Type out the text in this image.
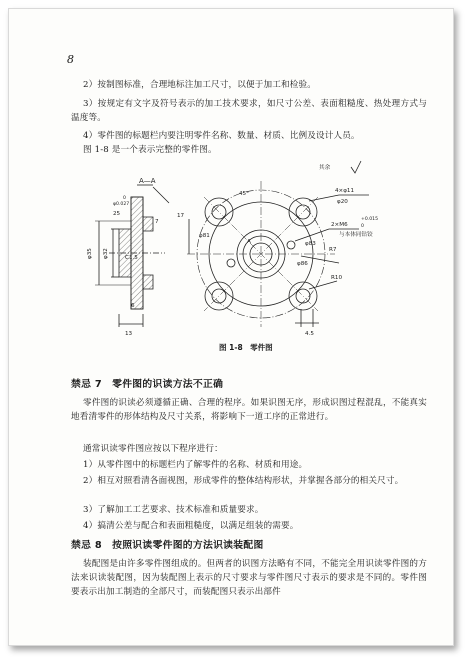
8

2）按制图标准，合理地标注加工尺寸，以便于加工和检验。

3）按规定有文字及符号表示的加工技术要求，如尺寸公差、表面粗糙度、热处理方式与温度等。

4）零件图的标题栏内要注明零件名称、数量、材质、比例及设计人员。

图 1-8 是一个表示完整的零件图。

A—A
其余
4×φ11
φ20
2×M6
+0.015
0
与本体同钻铰
R7
φ83
R10
φ86
φ81
45°
A
4.5
C1.5
φ35 φ32
13
6
7
25
φ0.027
0
17
图 1-8　零件图
禁忌 7　零件图的识读方法不正确

零件图的识读必须遵循正确、合理的程序。如果识图无序，形成识图过程混乱，不能真实地看清零件的形体结构及尺寸关系，将影响下一道工序的正常进行。

通常识读零件图应按以下程序进行：

1）从零件图中的标题栏内了解零件的名称、材质和用途。

2）相互对照看清各面视图，形成零件的整体结构形状，并掌握各部分的相关尺寸。

3）了解加工工艺要求、技术标准和质量要求。

4）搞清公差与配合和表面粗糙度，以满足组装的需要。

禁忌 8　按照识读零件图的方法识读装配图

装配图是由许多零件图组成的。但两者的识图方法略有不同，不能完全用识读零件图的方法来识读装配图，因为装配图上表示的尺寸要求与零件图尺寸表示的要求是不同的。零件图要表示出加工制造的全部尺寸，而装配图只表示出部件
